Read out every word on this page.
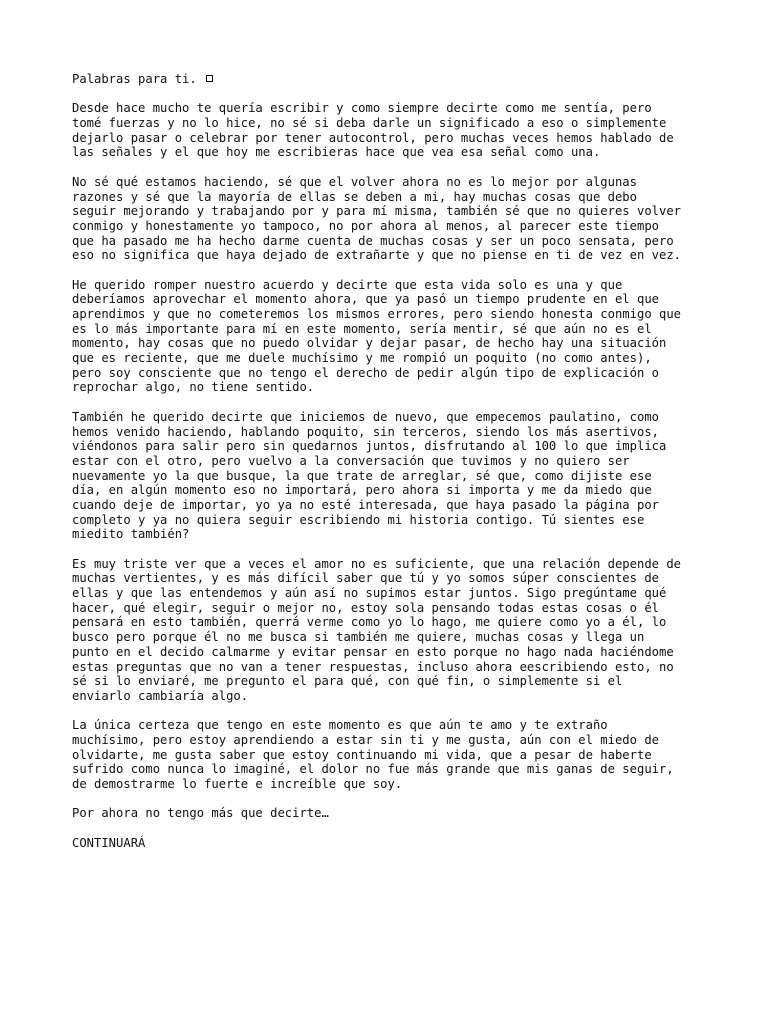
Palabras para ti.
Desde hace mucho te quería escribir y como siempre decirte como me sentía, pero
tomé fuerzas y no lo hice, no sé si deba darle un significado a eso o simplemente
dejarlo pasar o celebrar por tener autocontrol, pero muchas veces hemos hablado de
las señales y el que hoy me escribieras hace que vea esa señal como una.
No sé qué estamos haciendo, sé que el volver ahora no es lo mejor por algunas
razones y sé que la mayoría de ellas se deben a mi, hay muchas cosas que debo
seguir mejorando y trabajando por y para mí misma, también sé que no quieres volver
conmigo y honestamente yo tampoco, no por ahora al menos, al parecer este tiempo
que ha pasado me ha hecho darme cuenta de muchas cosas y ser un poco sensata, pero
eso no significa que haya dejado de extrañarte y que no piense en ti de vez en vez.
He querido romper nuestro acuerdo y decirte que esta vida solo es una y que
deberíamos aprovechar el momento ahora, que ya pasó un tiempo prudente en el que
aprendimos y que no cometeremos los mismos errores, pero siendo honesta conmigo que
es lo más importante para mí en este momento, sería mentir, sé que aún no es el
momento, hay cosas que no puedo olvidar y dejar pasar, de hecho hay una situación
que es reciente, que me duele muchísimo y me rompió un poquito (no como antes),
pero soy consciente que no tengo el derecho de pedir algún tipo de explicación o
reprochar algo, no tiene sentido.
También he querido decirte que iniciemos de nuevo, que empecemos paulatino, como
hemos venido haciendo, hablando poquito, sin terceros, siendo los más asertivos,
viéndonos para salir pero sin quedarnos juntos, disfrutando al 100 lo que implica
estar con el otro, pero vuelvo a la conversación que tuvimos y no quiero ser
nuevamente yo la que busque, la que trate de arreglar, sé que, como dijiste ese
día, en algún momento eso no importará, pero ahora si importa y me da miedo que
cuando deje de importar, yo ya no esté interesada, que haya pasado la página por
completo y ya no quiera seguir escribiendo mi historia contigo. Tú sientes ese
miedito también?
Es muy triste ver que a veces el amor no es suficiente, que una relación depende de
muchas vertientes, y es más difícil saber que tú y yo somos súper conscientes de
ellas y que las entendemos y aún así no supimos estar juntos. Sigo pregúntame qué
hacer, qué elegir, seguir o mejor no, estoy sola pensando todas estas cosas o él
pensará en esto también, querrá verme como yo lo hago, me quiere como yo a él, lo
busco pero porque él no me busca si también me quiere, muchas cosas y llega un
punto en el decido calmarme y evitar pensar en esto porque no hago nada haciéndome
estas preguntas que no van a tener respuestas, incluso ahora eescribiendo esto, no
sé si lo enviaré, me pregunto el para qué, con qué fin, o simplemente si el
enviarlo cambiaría algo.
La única certeza que tengo en este momento es que aún te amo y te extraño
muchísimo, pero estoy aprendiendo a estar sin ti y me gusta, aún con el miedo de
olvidarte, me gusta saber que estoy continuando mi vida, que a pesar de haberte
sufrido como nunca lo imaginé, el dolor no fue más grande que mis ganas de seguir,
de demostrarme lo fuerte e increíble que soy.
Por ahora no tengo más que decirte…
CONTINUARÁ
